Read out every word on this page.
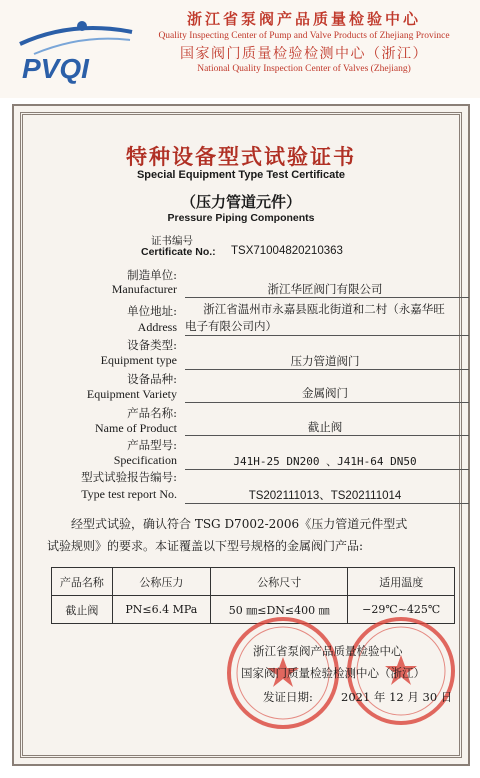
PVQI
浙江省泵阀产品质量检验中心
Quality Inspecting Center of Pump and Valve Products of Zhejiang Province
国家阀门质量检验检测中心（浙江）
National Quality Inspection Center of Valves (Zhejiang)
特种设备型式试验证书
Special Equipment Type Test Certificate
（压力管道元件）
Pressure Piping Components
证书编号
Certificate No.: TSX71004820210363
制造单位:
Manufacturer	浙江华匠阀门有限公司
单位地址:
Address
浙江省温州市永嘉县瓯北街道和二村（永嘉华旺
电子有限公司内）
设备类型:
Equipment type	压力管道阀门
设备品种:
Equipment Variety	金属阀门
产品名称:
Name of Product	截止阀
产品型号:
Specification	J41H-25 DN200 、J41H-64 DN50
型式试验报告编号:
Type test report No.	TS202111013、TS202111014
经型式试验，确认符合 TSG D7002-2006《压力管道元件型式
试验规则》的要求。本证覆盖以下型号规格的金属阀门产品:
产品名称	公称压力	公称尺寸	适用温度
截止阀	PN≤6.4 MPa	50 ㎜≤DN≤400 ㎜	−29℃~425℃
浙江省泵阀产品质量检验中心
国家阀门质量检验检测中心（浙江）
发证日期: 2021 年 12 月 30 日
